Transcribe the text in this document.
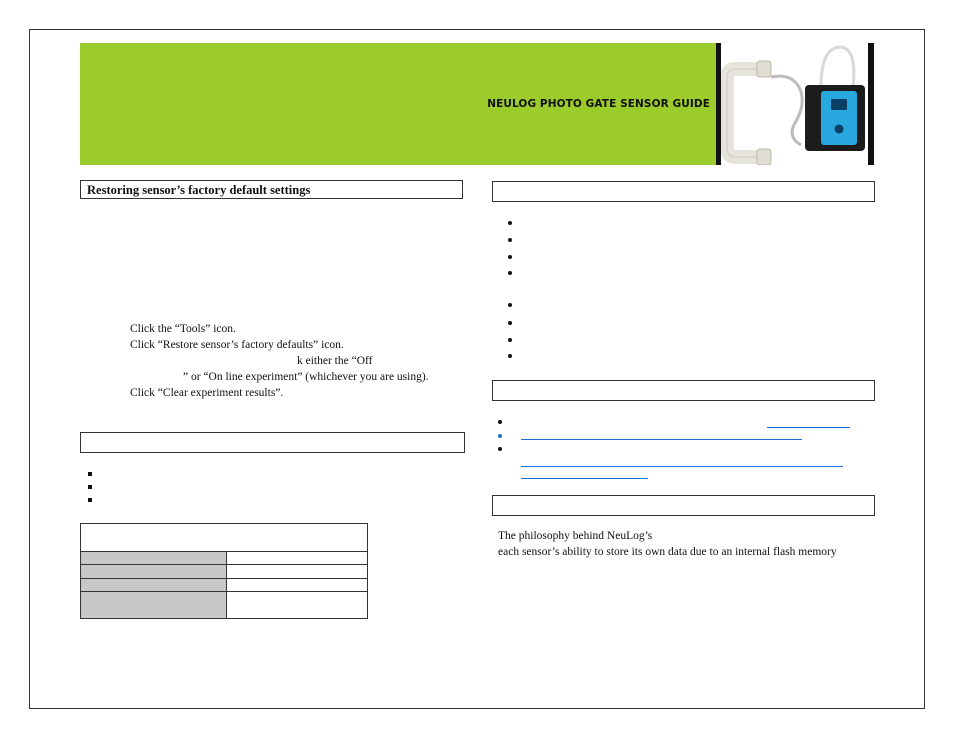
NEULOG PHOTO GATE SENSOR GUIDE
Restoring sensor’s factory default settings
Click the “Tools” icon.
Click “Restore sensor’s factory defaults” icon.
k either the “Off
” or “On line experiment” (whichever you are using).
Click “Clear experiment results”.
The philosophy behind NeuLog’s
each sensor’s ability to store its own data due to an internal flash memory
